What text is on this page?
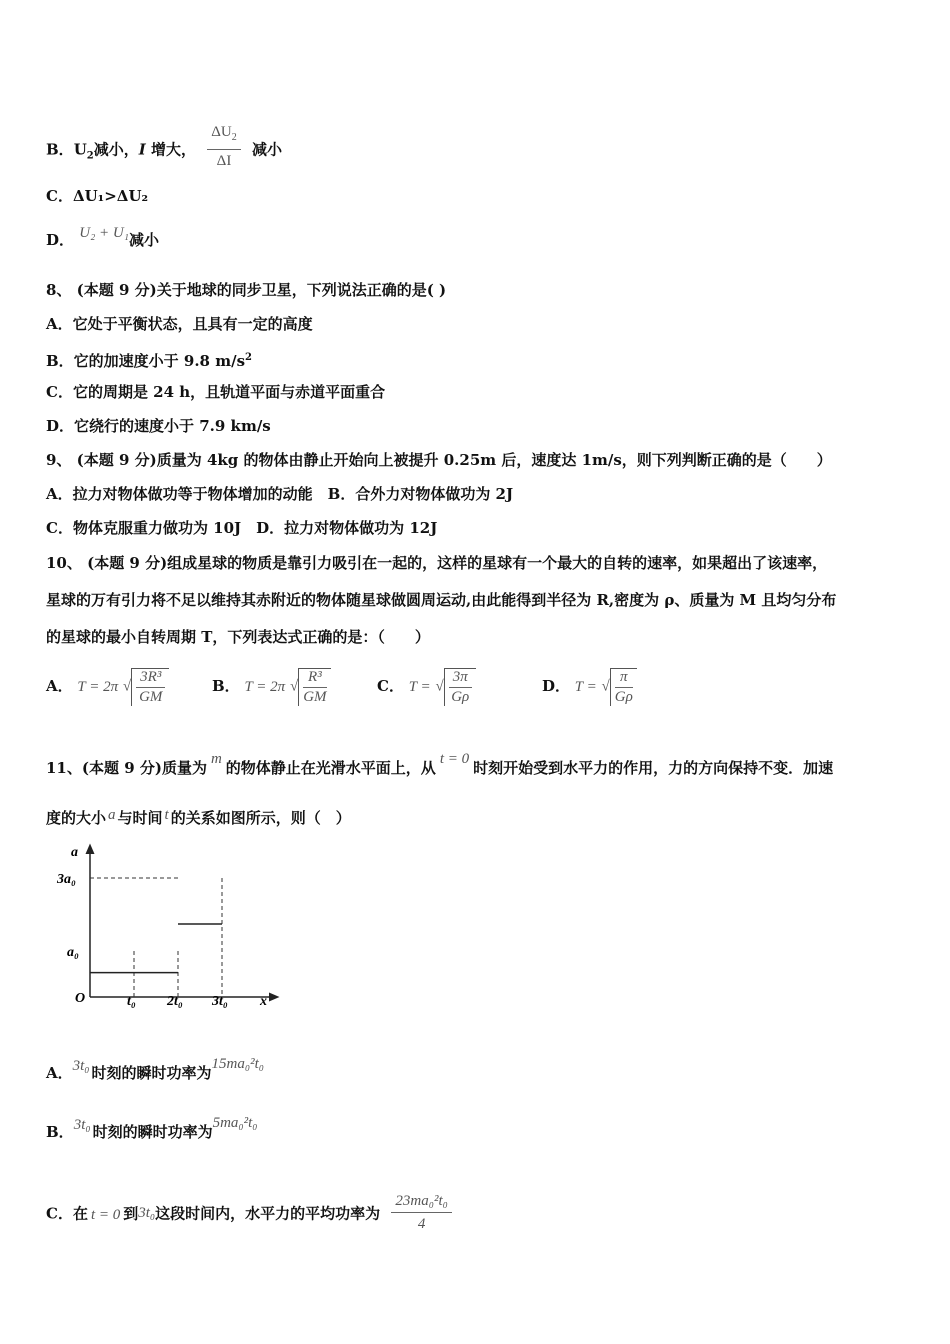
B．$U_2$减小，I 增大， $\frac{\Delta U_2}{\Delta I}$ 减小
C．ΔU₁>ΔU₂
D． U₂ + U₁减小
8、 (本题 9 分)关于地球的同步卫星，下列说法正确的是( )
A．它处于平衡状态，且具有一定的高度
B．它的加速度小于 9.8 $m/s^2$
C．它的周期是 24 h，且轨道平面与赤道平面重合
D．它绕行的速度小于 7.9 km/s
9、 (本题 9 分)质量为 4kg 的物体由静止开始向上被提升 0.25m 后，速度达 1m/s，则下列判断正确的是（　　）
A．拉力对物体做功等于物体增加的动能　B．合外力对物体做功为 2J
C．物体克服重力做功为 10J　D．拉力对物体做功为 12J
10、 (本题 9 分)组成星球的物质是靠引力吸引在一起的，这样的星球有一个最大的自转的速率，如果超出了该速率，
星球的万有引力将不足以维持其赤附近的物体随星球做圆周运动,由此能得到半径为 R,密度为 ρ、质量为 M 且均匀分布
的星球的最小自转周期 T，下列表达式正确的是：（　　）
A． T = 2π √ $\frac{\text{3R³}}{GM}$	B． T = 2π √ $\frac{\text{R³}}{GM}$	C． T = √ $\frac{3\pi}{G\rho}$	D． T = √ $\frac{\pi}{G\rho}$
11、(本题 9 分)质量为 m 的物体静止在光滑水平面上，从 t = 0 时刻开始受到水平力的作用，力的方向保持不变．加速
度的大小 a 与时间 t 的关系如图所示，则（　）
a
3a₀
a₀
O	t₀ 2t₀ 3t₀ x
A．3t₀ 时刻的瞬时功率为15ma₀²t₀
B．3t₀ 时刻的瞬时功率为5ma₀²t₀
C．在 t = 0 到3t₀这段时间内，水平力的平均功率为 $\frac{\text{23ma₀²t₀}}{4}$
